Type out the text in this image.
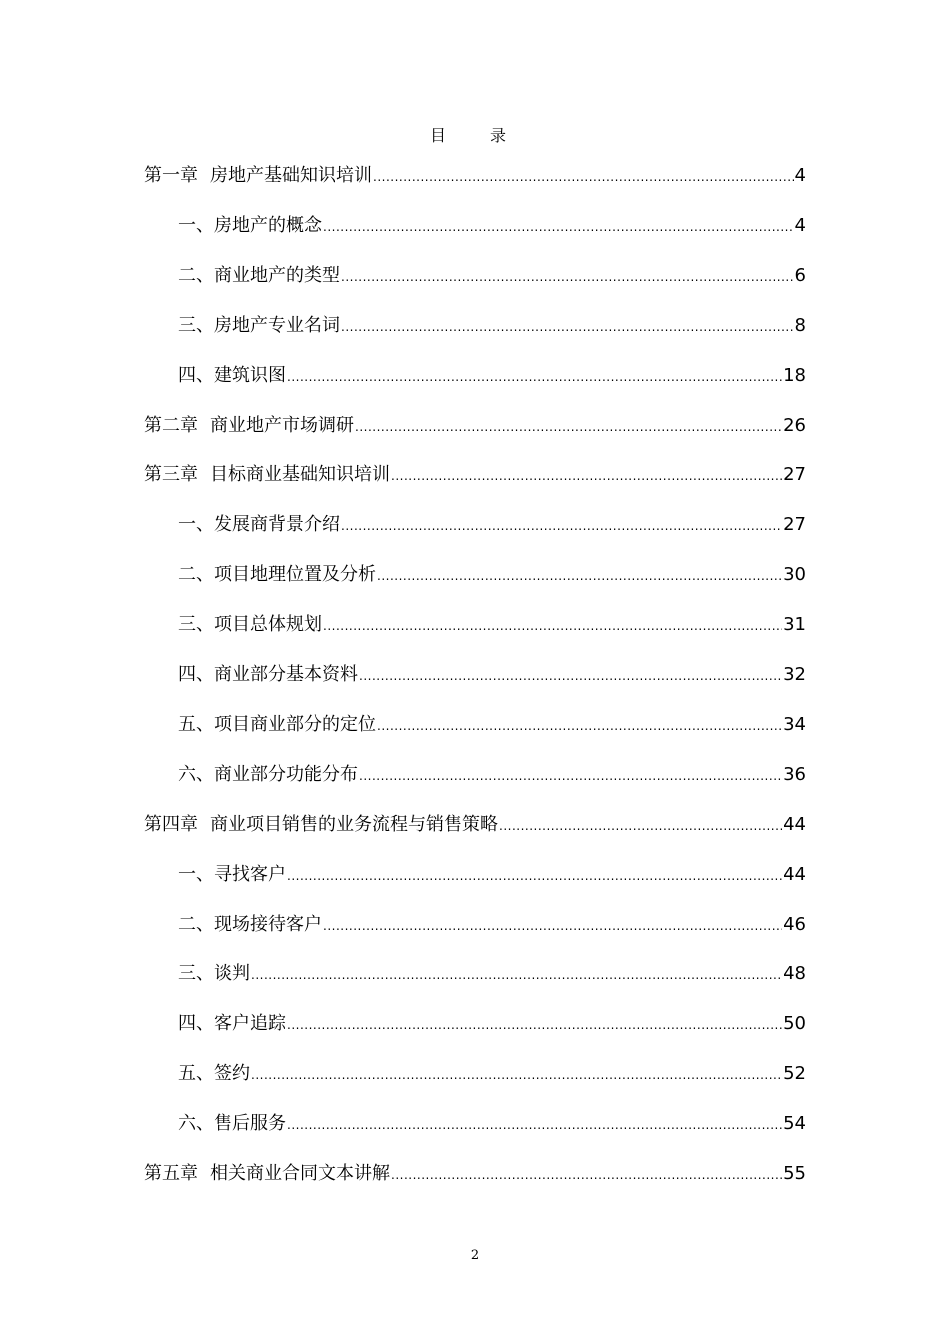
目　录
第一章 房地产基础知识培训 .....	4
一、房地产的概念 .....	4
二、商业地产的类型 .....	6
三、房地产专业名词 .....	8
四、建筑识图 .....	18
第二章 商业地产市场调研 .....	26
第三章 目标商业基础知识培训 .....	27
一、发展商背景介绍 .....	27
二、项目地理位置及分析 .....	30
三、项目总体规划 .....	31
四、商业部分基本资料 .....	32
五、项目商业部分的定位 .....	34
六、商业部分功能分布 .....	36
第四章 商业项目销售的业务流程与销售策略 .....	44
一、寻找客户 .....	44
二、现场接待客户 .....	46
三、谈判 .....	48
四、客户追踪 .....	50
五、签约 .....	52
六、售后服务 .....	54
第五章 相关商业合同文本讲解 .....	55
2
